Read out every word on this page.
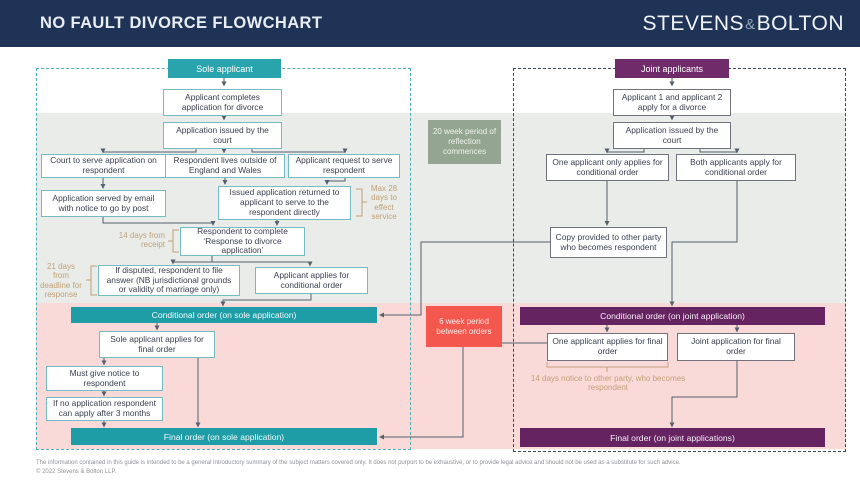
NO FAULT DIVORCE FLOWCHART	STEVENS & BOLTON
Sole applicant
Applicant completes application for divorce
Application issued by the court
Court to serve application on respondent
Respondent lives outside of England and Wales
Applicant request to serve respondent
Application served by email with notice to go by post
Issued application returned to applicant to serve to the respondent directly
Respondent to complete ‘Response to divorce application’
If disputed, respondent to file answer (NB jurisdictional grounds or validity of marriage only)
Applicant applies for conditional order
Conditional order (on sole application)
Sole applicant applies for final order
Must give notice to respondent
If no application respondent can apply after 3 months
Final order (on sole application)
Max 28 days to effect service
14 days from receipt
21 days from deadline for response
20 week period of reflection commences
6 week period between orders
Joint applicants
Applicant 1 and applicant 2 apply for a divorce
Application issued by the court
One applicant only applies for conditional order
Both applicants apply for conditional order
Copy provided to other party who becomes respondent
Conditional order (on joint application)
One applicant applies for final order
Joint application for final order
14 days notice to other party, who becomes respondent
Final order (on joint applications)
The information contained in this guide is intended to be a general introductory summary of the subject matters covered only. It does not purport to be exhaustive, or to provide legal advice and should not be used as a substitute for such advice.
© 2022 Stevens & Bolton LLP.
